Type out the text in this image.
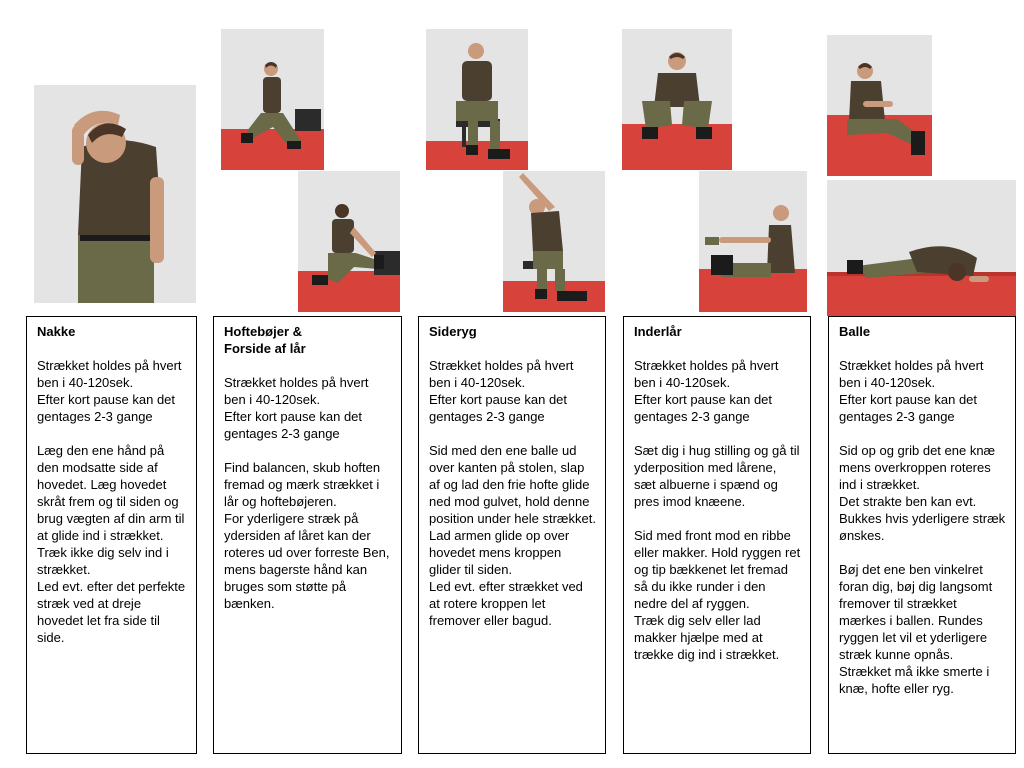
Nakke
Strækket holdes på hvert ben i 40-120sek.
Efter kort pause kan det gentages 2-3 gange
Læg den ene hånd på den modsatte side af hovedet. Læg hovedet skråt frem og til siden og brug vægten af din arm til at glide ind i strækket. Træk ikke dig selv ind i strækket.
Led evt. efter det perfekte stræk ved at dreje hovedet let fra side til side.
Hoftebøjer &
Forside af lår
Strækket holdes på hvert ben i 40-120sek.
Efter kort pause kan det gentages 2-3 gange
Find balancen, skub hoften fremad og mærk strækket i lår og hoftebøjeren.
For yderligere stræk på ydersiden af låret kan der roteres ud over forreste Ben, mens bagerste hånd kan bruges som støtte på bænken.
Sideryg
Strækket holdes på hvert ben i 40-120sek.
Efter kort pause kan det gentages 2-3 gange
Sid med den ene balle ud over kanten på stolen, slap af og lad den frie hofte glide ned mod gulvet, hold denne position under hele strækket.
Lad armen glide op over hovedet mens kroppen glider til siden.
Led evt. efter strækket ved at rotere kroppen let fremover eller bagud.
Inderlår
Strækket holdes på hvert ben i 40-120sek.
Efter kort pause kan det gentages 2-3 gange
Sæt dig i hug stilling og gå til yderposition med lårene, sæt albuerne i spænd og pres imod knæene.
Sid med front mod en ribbe eller makker. Hold ryggen ret og tip bækkenet let fremad så du ikke runder i den nedre del af ryggen.
Træk dig selv eller lad makker hjælpe med at trække dig ind i strækket.
Balle
Strækket holdes på hvert ben i 40-120sek.
Efter kort pause kan det gentages 2-3 gange
Sid op og grib det ene knæ mens overkroppen roteres ind i strækket.
Det strakte ben kan evt. Bukkes hvis yderligere stræk ønskes.
Bøj det ene ben vinkelret foran dig, bøj dig langsomt fremover til strækket mærkes i ballen. Rundes ryggen let vil et yderligere stræk kunne opnås.
Strækket må ikke smerte i knæ, hofte eller ryg.
